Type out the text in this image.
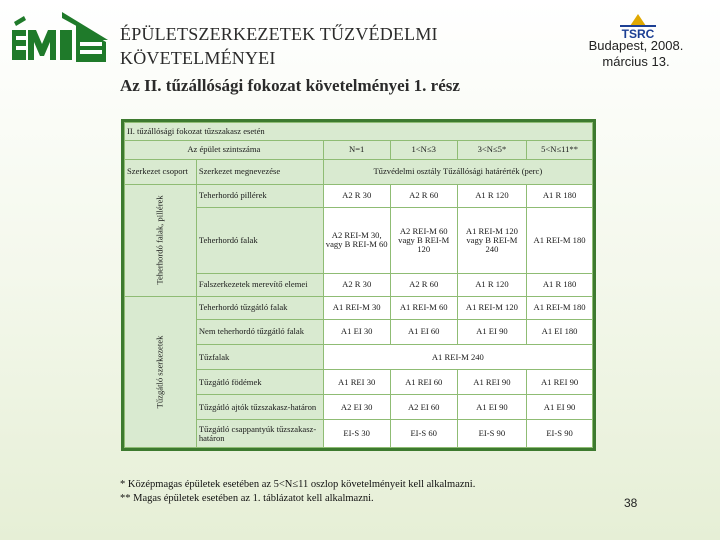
ÉPÜLETSZERKEZETEK TŰZVÉDELMI KÖVETELMÉNYEI
Az II. tűzállósági fokozat követelményei 1. rész
TSRC
Budapest, 2008.
március 13.
II. tűzállósági fokozat tűzszakasz esetén					
Az épület szintszáma		N=1	1<N≤3	3<N≤5*	5<N≤11**
Szerkezet csoport	Szerkezet megnevezése	Tűzvédelmi osztály Tűzállósági határérték (perc)			

Teherhordó falak, pillérek	Teherhordó pillérek	A2 R 30	A2 R 60	A1 R 120	A1 R 180
	Teherhordó falak	A2 REI-M 30, vagy B REI-M 60	A2 REI-M 60 vagy B REI-M 120	A1 REI-M 120 vagy B REI-M 240	A1 REI-M 180
	Falszerkezetek merevítő elemei	A2 R 30	A2 R 60	A1 R 120	A1 R 180

Tűzgátló szerkezetek	Teherhordó tűzgátló falak	A1 REI-M 30	A1 REI-M 60	A1 REI-M 120	A1 REI-M 180
	Nem teherhordó tűzgátló falak	A1 EI 30	A1 EI 60	A1 EI 90	A1 EI 180
	Tűzfalak	A1 REI-M 240			
	Tűzgátló födémek	A1 REI 30	A1 REI 60	A1 REI 90	A1 REI 90
	Tűzgátló ajtók tűzszakasz-határon	A2 EI 30	A2 EI 60	A1 EI 90	A1 EI 90
	Tűzgátló csappantyúk tűzszakasz-határon	EI-S 30	EI-S 60	EI-S 90	EI-S 90
* Középmagas épületek esetében az 5<N≤11 oszlop követelményeit kell alkalmazni.
** Magas épületek esetében az 1. táblázatot kell alkalmazni.	38
